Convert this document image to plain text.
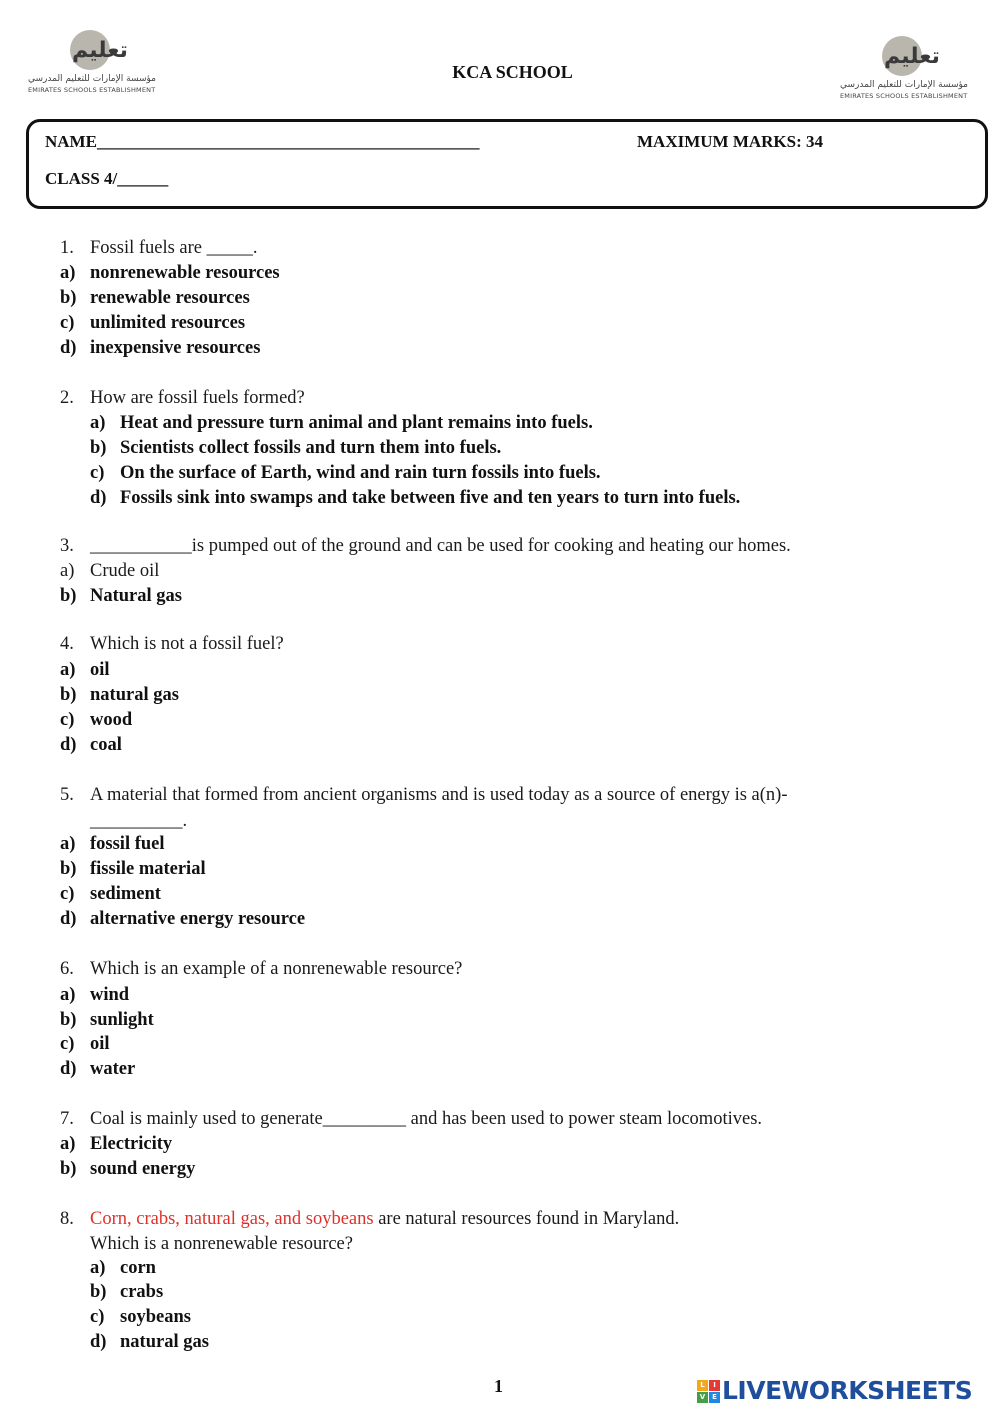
تعليم
مؤسسة الإمارات للتعليم المدرسي
EMIRATES SCHOOLS ESTABLISHMENT
تعليم
مؤسسة الإمارات للتعليم المدرسي
EMIRATES SCHOOLS ESTABLISHMENT
KCA SCHOOL
NAME_____________________________________________
CLASS 4/______
MAXIMUM MARKS: 34
1. Fossil fuels are _____.
a) nonrenewable resources
b) renewable resources
c) unlimited resources
d) inexpensive resources
2. How are fossil fuels formed?
a) Heat and pressure turn animal and plant remains into fuels.
b) Scientists collect fossils and turn them into fuels.
c) On the surface of Earth, wind and rain turn fossils into fuels.
d) Fossils sink into swamps and take between five and ten years to turn into fuels.
3. ___________is pumped out of the ground and can be used for cooking and heating our homes.
a) Crude oil
b) Natural gas
4. Which is not a fossil fuel?
a) oil
b) natural gas
c) wood
d) coal
5. A material that formed from ancient organisms and is used today as a source of energy is a(n)-
__________.
a) fossil fuel
b) fissile material
c) sediment
d) alternative energy resource
6. Which is an example of a nonrenewable resource?
a) wind
b) sunlight
c) oil
d) water
7. Coal is mainly used to generate_________ and has been used to power steam locomotives.
a) Electricity
b) sound energy
8. Corn, crabs, natural gas, and soybeans are natural resources found in Maryland.
Which is a nonrenewable resource?
a) corn
b) crabs
c) soybeans
d) natural gas
1	L	I
V E LIVEWORKSHEETS
